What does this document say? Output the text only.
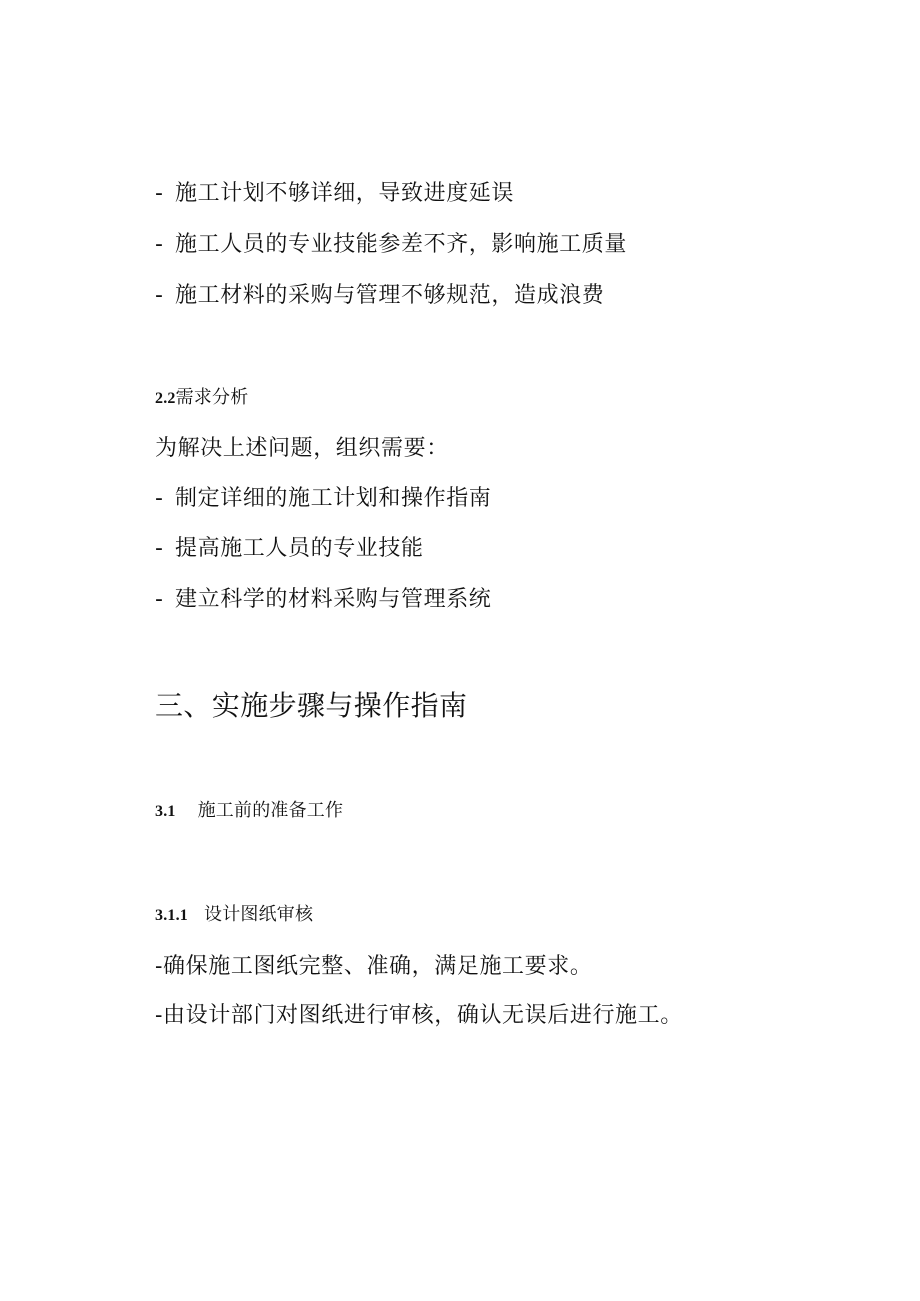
- 施工计划不够详细，导致进度延误
- 施工人员的专业技能参差不齐，影响施工质量
- 施工材料的采购与管理不够规范，造成浪费
2.2需求分析
为解决上述问题，组织需要：
- 制定详细的施工计划和操作指南
- 提高施工人员的专业技能
- 建立科学的材料采购与管理系统
三、实施步骤与操作指南
3.1 施工前的准备工作
3.1.1 设计图纸审核
-确保施工图纸完整、准确，满足施工要求。
-由设计部门对图纸进行审核，确认无误后进行施工。
